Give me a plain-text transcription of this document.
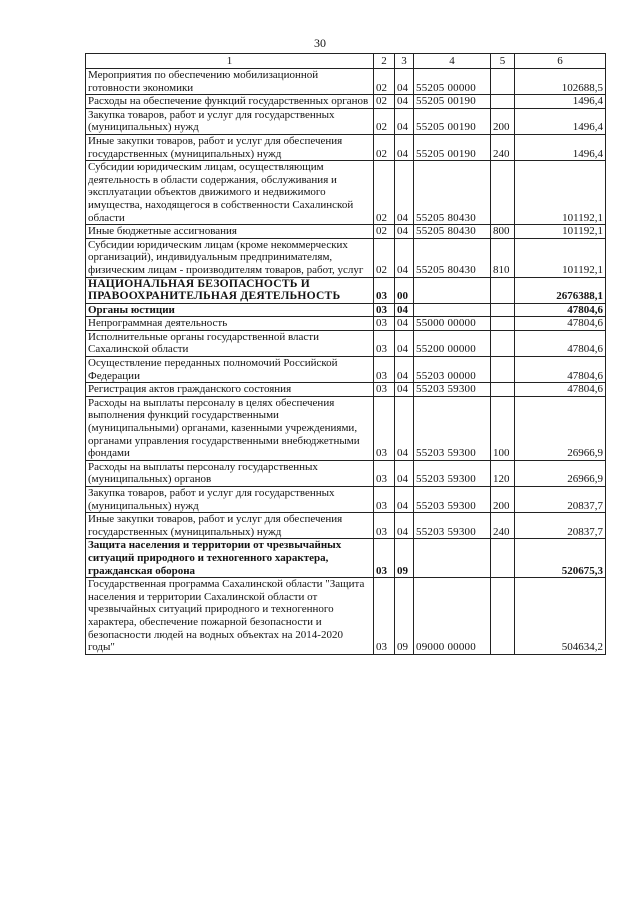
30
1	2	3	4	5	6
Мероприятия по обеспечению мобилизационной готовности экономики	02	04	55205 00000		102688,5
Расходы на обеспечение функций государственных органов	02	04	55205 00190		1496,4
Закупка товаров, работ и услуг для государственных (муниципальных) нужд	02	04	55205 00190	200	1496,4
Иные закупки товаров, работ и услуг для обеспечения государственных (муниципальных) нужд	02	04	55205 00190	240	1496,4
Субсидии юридическим лицам, осуществляющим деятельность в области содержания, обслуживания и эксплуатации объектов движимого и недвижимого имущества, находящегося в собственности Сахалинской области	02	04	55205 80430		101192,1
Иные бюджетные ассигнования	02	04	55205 80430	800	101192,1
Субсидии юридическим лицам (кроме некоммерческих организаций), индивидуальным предпринимателям, физическим лицам - производителям товаров, работ, услуг	02	04	55205 80430	810	101192,1
НАЦИОНАЛЬНАЯ БЕЗОПАСНОСТЬ И ПРАВООХРАНИТЕЛЬНАЯ ДЕЯТЕЛЬНОСТЬ	03	00			2676388,1
Органы юстиции	03	04			47804,6
Непрограммная деятельность	03	04	55000 00000		47804,6
Исполнительные органы государственной власти Сахалинской области	03	04	55200 00000		47804,6
Осуществление переданных полномочий Российской Федерации	03	04	55203 00000		47804,6
Регистрация актов гражданского состояния	03	04	55203 59300		47804,6
Расходы на выплаты персоналу в целях обеспечения выполнения функций государственными (муниципальными) органами, казенными учреждениями, органами управления государственными внебюджетными фондами	03	04	55203 59300	100	26966,9
Расходы на выплаты персоналу государственных (муниципальных) органов	03	04	55203 59300	120	26966,9
Закупка товаров, работ и услуг для государственных (муниципальных) нужд	03	04	55203 59300	200	20837,7
Иные закупки товаров, работ и услуг для обеспечения государственных (муниципальных) нужд	03	04	55203 59300	240	20837,7
Защита населения и территории от чрезвычайных ситуаций природного и техногенного характера, гражданская оборона	03	09			520675,3
Государственная программа Сахалинской области "Защита населения и территории Сахалинской области от чрезвычайных ситуаций природного и техногенного характера, обеспечение пожарной безопасности и безопасности людей на водных объектах на 2014-2020 годы"	03	09	09000 00000		504634,2
